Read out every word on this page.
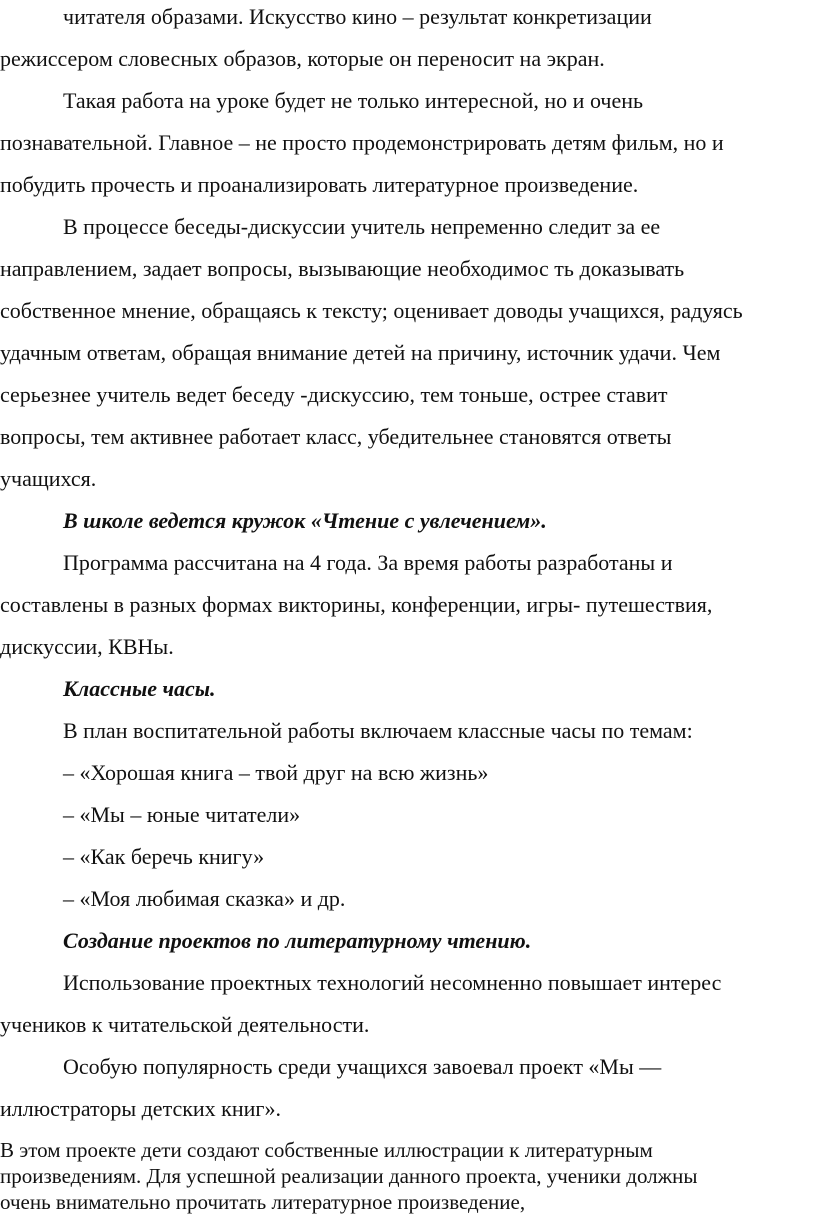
читателя образами. Искусство кино – результат конкретизации
режиссером словесных образов, которые он переносит на экран.
Такая работа на уроке будет не только интересной, но и очень
познавательной. Главное – не просто продемонстрировать детям фильм, но и
побудить прочесть и проанализировать литературное произведение.
В процессе беседы-дискуссии учитель непременно следит за ее
направлением, задает вопросы, вызывающие необходимос ть доказывать
собственное мнение, обращаясь к тексту; оценивает доводы учащихся, радуясь
удачным ответам, обращая внимание детей на причину, источник удачи. Чем
серьезнее учитель ведет беседу -дискуссию, тем тоньше, острее ставит
вопросы, тем активнее работает класс, убедительнее становятся ответы
учащихся.
В школе ведется кружок «Чтение с увлечением».
Программа рассчитана на 4 года. За время работы разработаны и
составлены в разных формах викторины, конференции, игры- путешествия,
дискуссии, КВНы.
Классные часы.
В план воспитательной работы включаем классные часы по темам:
– «Хорошая книга – твой друг на всю жизнь»
– «Мы – юные читатели»
– «Как беречь книгу»
– «Моя любимая сказка» и др.
Создание проектов по литературному чтению.
Использование проектных технологий несомненно повышает интерес
учеников к читательской деятельности.
Особую популярность среди учащихся завоевал проект «Мы —
иллюстраторы детских книг».
В этом проекте дети создают собственные иллюстрации к литературным
произведениям. Для успешной реализации данного проекта, ученики должны
очень внимательно прочитать литературное произведение,
